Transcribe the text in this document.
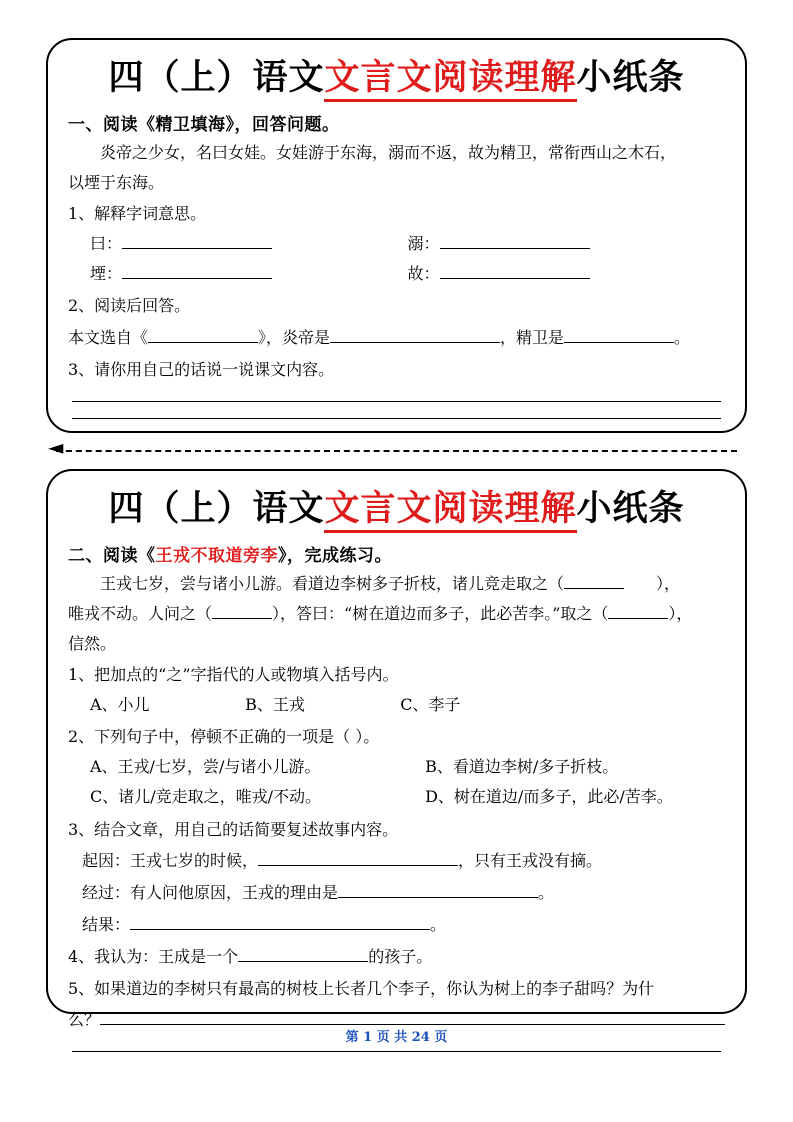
四（上）语文文言文阅读理解小纸条
一、阅读《精卫填海》，回答问题。
炎帝之少女，名曰女娃。女娃游于东海，溺而不返，故为精卫，常衔西山之木石，
以堙于东海。
1、解释字词意思。
曰：	溺：
堙：	故：
2、阅读后回答。
本文选自《	》，炎帝是	，精卫是	。
3、请你用自己的话说一说课文内容。
◄
四（上）语文文言文阅读理解小纸条
二、阅读《王戎不取道旁李》，完成练习。
王戎七岁，尝与诸小儿游。看道边李树多子折枝，诸儿竞走取之（	），
唯戎不动。人问之（	），答曰：“树在道边而多子，此必苦李。”取之（	），
信然。
1、把加点的“之”字指代的人或物填入括号内。
A、小儿	B、王戎	C、李子
2、下列句子中，停顿不正确的一项是（ ）。
A、王戎/七岁，尝/与诸小儿游。	B、看道边李树/多子折枝。
C、诸儿/竞走取之，唯戎/不动。	D、树在道边/而多子，此必/苦李。
3、结合文章，用自己的话简要复述故事内容。
起因： 王戎七岁的时候，	，只有王戎没有摘。
经过： 有人问他原因，王戎的理由是	。
结果：	。
4、我认为：王成是一个	的孩子。
5、如果道边的李树只有最高的树枝上长者几个李子，你认为树上的李子甜吗？为什
么？
第 1 页 共 24 页
